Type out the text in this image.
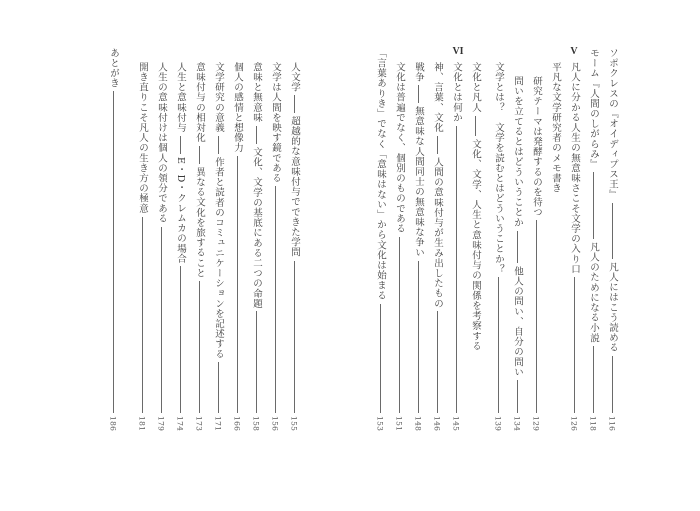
V	ソポクレスの『オイディプス王』
凡人にはこう読める
116
モーム『人間のしがらみ』
凡人のためになる小説
118
凡人に分かる人生の無意味さこそ文学の入り口
126
平凡な文学研究者のメモ書き
研究テーマは発酵するのを待つ
129
問いを立てるとはどういうことか
他人の問い、自分の問い
134
文学とは？　文学を読むとはどういうことか？
139
VI
文化と凡人
文化、文学、人生と意味付与の関係を考察する
文化とは何か
145
神、言葉、文化
人間の意味付与が生み出したもの
146
戦争
無意味な人間同士の無意味な争い
148
文化は普遍でなく、個別のものである
151
「言葉ありき」でなく「意味はない」から文化は始まる
153
人文学
超越的な意味付与でできた学問
155
文学は人間を映す鏡である
156
意味と無意味
文化、文学の基底にある二つの命題
158
個人の感情と想像力
166
文学研究の意義
作者と読者のコミュニケーションを記述する
171
意味付与の相対化
異なる文化を旅すること
173
人生と意味付与
E・D・クレムカの場合
174
人生の意味付けは個人の領分である
179
開き直りこそ凡人の生き方の極意
181
あとがき
186
